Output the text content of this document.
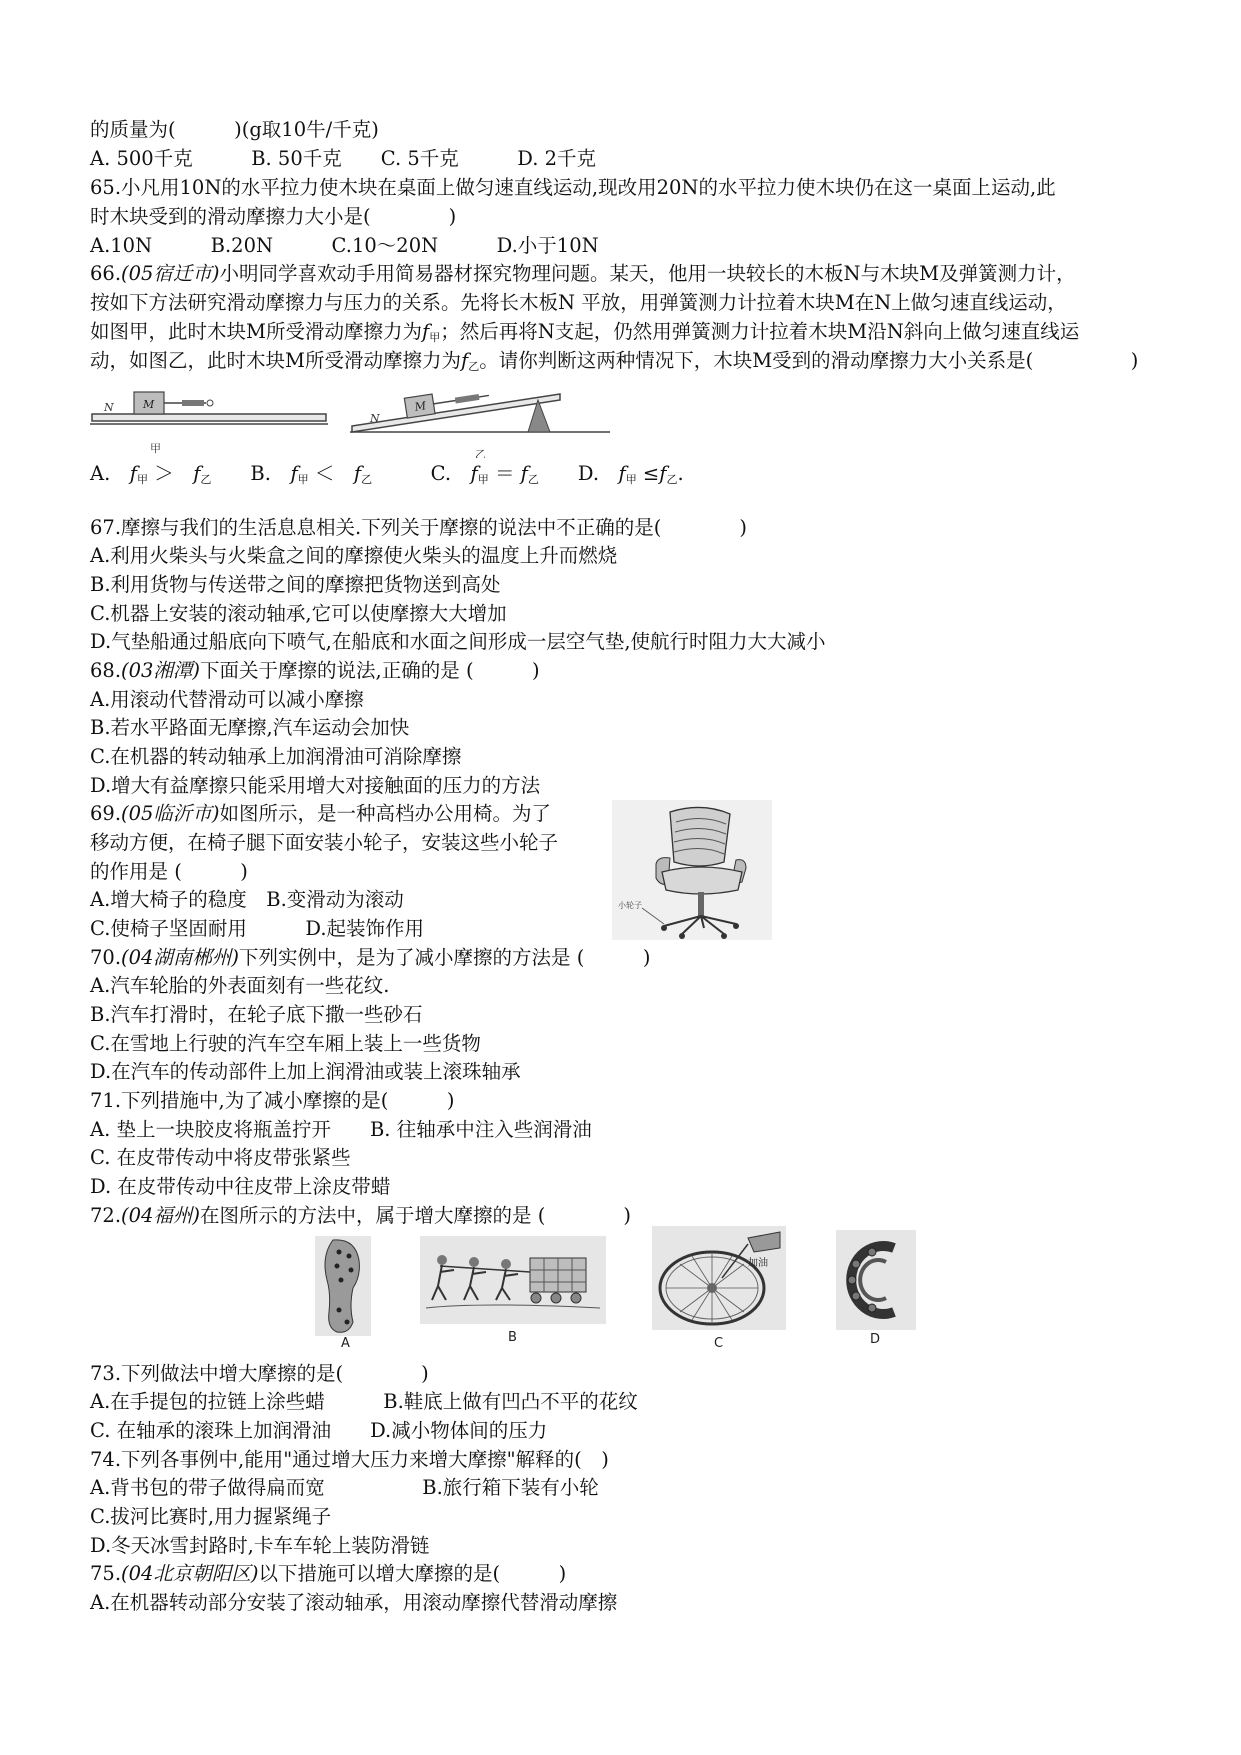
的质量为(　　　)(g取10牛/千克)
A. 500千克　　　B. 50千克　　C. 5千克　　　D. 2千克
65.小凡用10N的水平拉力使木块在桌面上做匀速直线运动,现改用20N的水平拉力使木块仍在这一桌面上运动,此
时木块受到的滑动摩擦力大小是(　　　　)
A.10N　　　B.20N　　　C.10～20N　　　D.小于10N
66.(05宿迁市)小明同学喜欢动手用简易器材探究物理问题。某天，他用一块较长的木板N与木块M及弹簧测力计，
按如下方法研究滑动摩擦力与压力的关系。先将长木板N 平放，用弹簧测力计拉着木块M在N上做匀速直线运动，
如图甲，此时木块M所受滑动摩擦力为$f_甲$；然后再将N支起，仍然用弹簧测力计拉着木块M沿N斜向上做匀速直线运
动，如图乙，此时木块M所受滑动摩擦力为$f_乙$。请你判断这两种情况下，木块M受到的滑动摩擦力大小关系是(　　　　　)
N	M
甲
N
M
乙
A.　$f_甲$ ＞　$f_乙$　　B.　$f_甲$ ＜　$f_乙$　　　C.　$f_甲 = f_乙$　　D.　$f_甲 \le f_乙$.
67.摩擦与我们的生活息息相关.下列关于摩擦的说法中不正确的是(　　　　)
A.利用火柴头与火柴盒之间的摩擦使火柴头的温度上升而燃烧
B.利用货物与传送带之间的摩擦把货物送到高处
C.机器上安装的滚动轴承,它可以使摩擦大大增加
D.气垫船通过船底向下喷气,在船底和水面之间形成一层空气垫,使航行时阻力大大减小
68.(03湘潭)下面关于摩擦的说法,正确的是 (　　　)
A.用滚动代替滑动可以减小摩擦
B.若水平路面无摩擦,汽车运动会加快
C.在机器的转动轴承上加润滑油可消除摩擦
D.增大有益摩擦只能采用增大对接触面的压力的方法
69.(05临沂市)如图所示，是一种高档办公用椅。为了
移动方便，在椅子腿下面安装小轮子，安装这些小轮子
的作用是 (　　　)
A.增大椅子的稳度　B.变滑动为滚动
C.使椅子坚固耐用　　　D.起装饰作用
小轮子
70.(04湖南郴州)下列实例中，是为了减小摩擦的方法是 (　　　)
A.汽车轮胎的外表面刻有一些花纹.
B.汽车打滑时，在轮子底下撒一些砂石
C.在雪地上行驶的汽车空车厢上装上一些货物
D.在汽车的传动部件上加上润滑油或装上滚珠轴承
71.下列措施中,为了减小摩擦的是(　　　)
A. 垫上一块胶皮将瓶盖拧开　　B. 往轴承中注入些润滑油
C. 在皮带传动中将皮带张紧些
D. 在皮带传动中往皮带上涂皮带蜡
72.(04福州)在图所示的方法中，属于增大摩擦的是 (　　　　)
A	B
加油
C	D
73.下列做法中增大摩擦的是(　　　　)
A.在手提包的拉链上涂些蜡　　　B.鞋底上做有凹凸不平的花纹
C. 在轴承的滚珠上加润滑油　　D.减小物体间的压力
74.下列各事例中,能用"通过增大压力来增大摩擦"解释的(　)
A.背书包的带子做得扁而宽　　　　　B.旅行箱下装有小轮
C.拔河比赛时,用力握紧绳子
D.冬天冰雪封路时,卡车车轮上装防滑链
75.(04北京朝阳区)以下措施可以增大摩擦的是(　　　)
A.在机器转动部分安装了滚动轴承，用滚动摩擦代替滑动摩擦
